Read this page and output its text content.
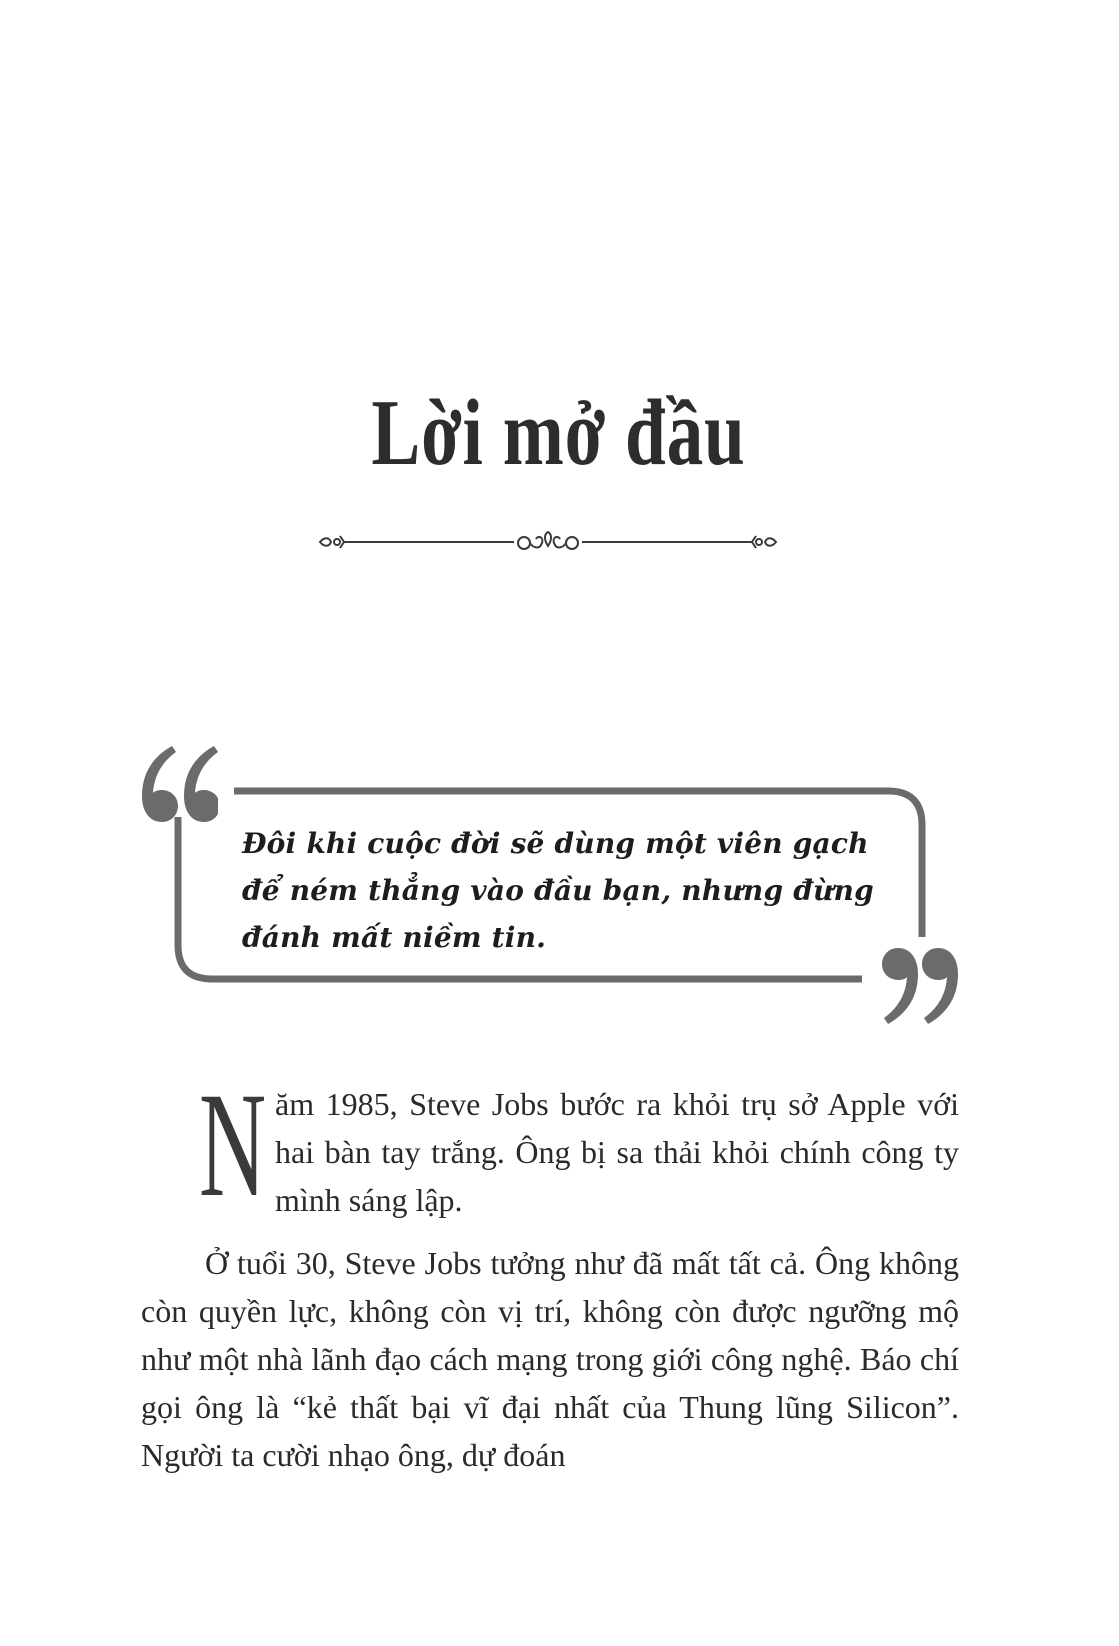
Lời mở đầu

Đôi khi cuộc đời sẽ dùng một viên gạch để ném thẳng vào đầu bạn, nhưng đừng đánh mất niềm tin.

Năm 1985, Steve Jobs bước ra khỏi trụ sở Apple với hai bàn tay trắng. Ông bị sa thải khỏi chính công ty mình sáng lập.

Ở tuổi 30, Steve Jobs tưởng như đã mất tất cả. Ông không còn quyền lực, không còn vị trí, không còn được ngưỡng mộ như một nhà lãnh đạo cách mạng trong giới công nghệ. Báo chí gọi ông là “kẻ thất bại vĩ đại nhất của Thung lũng Silicon”. Người ta cười nhạo ông, dự đoán
